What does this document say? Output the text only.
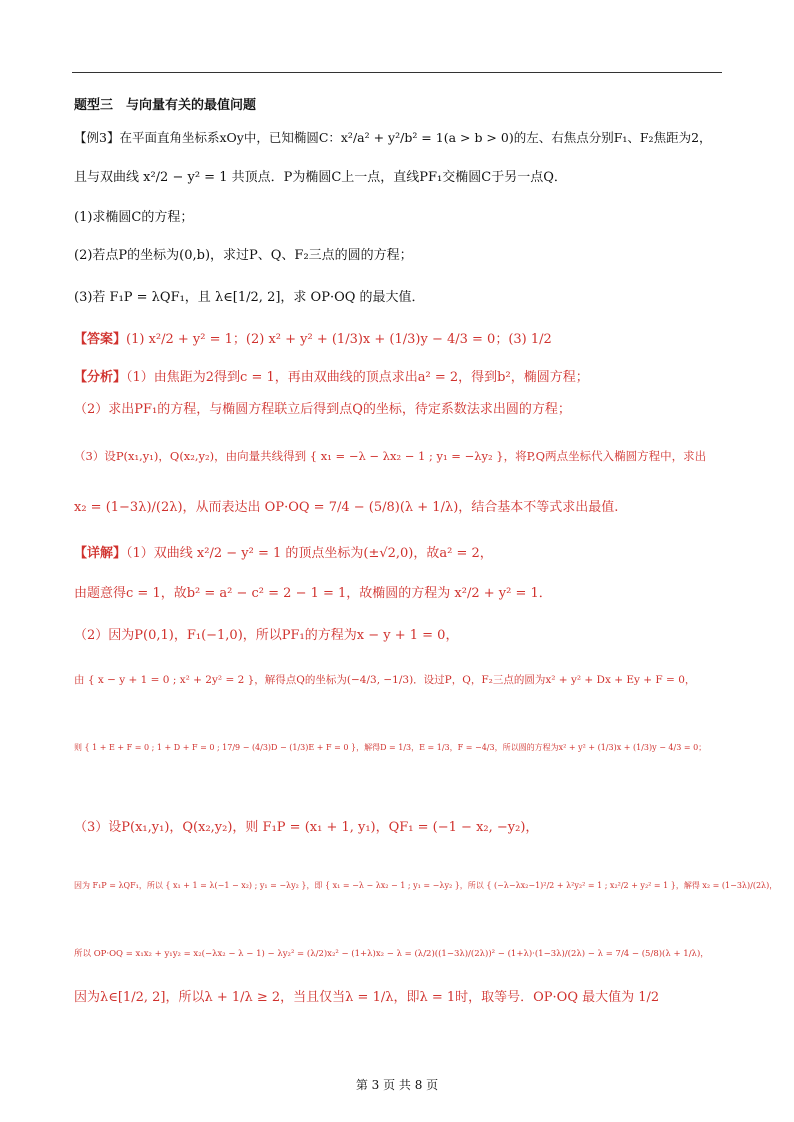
题型三　与向量有关的最值问题
【例3】在平面直角坐标系xOy中，已知椭圆C：x²/a² + y²/b² = 1(a > b > 0)的左、右焦点分别F₁、F₂焦距为2，
且与双曲线 x²/2 − y² = 1 共顶点．P为椭圆C上一点，直线PF₁交椭圆C于另一点Q．
(1)求椭圆C的方程；
(2)若点P的坐标为(0,b)，求过P、Q、F₂三点的圆的方程；
(3)若 F₁P = λQF₁，且 λ∈[1/2, 2]，求 OP·OQ 的最大值．
【答案】(1) x²/2 + y² = 1；(2) x² + y² + (1/3)x + (1/3)y − 4/3 = 0；(3) 1/2
【分析】（1）由焦距为2得到c = 1，再由双曲线的顶点求出a² = 2，得到b²，椭圆方程；
（2）求出PF₁的方程，与椭圆方程联立后得到点Q的坐标，待定系数法求出圆的方程；
（3）设P(x₁,y₁)，Q(x₂,y₂)，由向量共线得到 { x₁ = −λ − λx₂ − 1 ; y₁ = −λy₂ }，将P,Q两点坐标代入椭圆方程中，求出
x₂ = (1−3λ)/(2λ)，从而表达出 OP·OQ = 7/4 − (5/8)(λ + 1/λ)，结合基本不等式求出最值.
【详解】（1）双曲线 x²/2 − y² = 1 的顶点坐标为(±√2,0)，故a² = 2，
由题意得c = 1，故b² = a² − c² = 2 − 1 = 1，故椭圆的方程为 x²/2 + y² = 1．
（2）因为P(0,1)，F₁(−1,0)，所以PF₁的方程为x − y + 1 = 0，
由 { x − y + 1 = 0 ; x² + 2y² = 2 }，解得点Q的坐标为(−4/3, −1/3)．设过P，Q，F₂三点的圆为x² + y² + Dx + Ey + F = 0，
则 { 1 + E + F = 0 ; 1 + D + F = 0 ; 17/9 − (4/3)D − (1/3)E + F = 0 }，解得D = 1/3，E = 1/3，F = −4/3，所以圆的方程为x² + y² + (1/3)x + (1/3)y − 4/3 = 0；
（3）设P(x₁,y₁)，Q(x₂,y₂)，则 F₁P = (x₁ + 1, y₁)，QF₁ = (−1 − x₂, −y₂)，
因为 F₁P = λQF₁，所以 { x₁ + 1 = λ(−1 − x₂) ; y₁ = −λy₂ }，即 { x₁ = −λ − λx₂ − 1 ; y₁ = −λy₂ }，所以 { (−λ−λx₂−1)²/2 + λ²y₂² = 1 ; x₂²/2 + y₂² = 1 }，解得 x₂ = (1−3λ)/(2λ)，
所以 OP·OQ = x₁x₂ + y₁y₂ = x₂(−λx₂ − λ − 1) − λy₂² = (λ/2)x₂² − (1+λ)x₂ − λ = (λ/2)((1−3λ)/(2λ))² − (1+λ)·(1−3λ)/(2λ) − λ = 7/4 − (5/8)(λ + 1/λ)，
因为λ∈[1/2, 2]，所以λ + 1/λ ≥ 2，当且仅当λ = 1/λ，即λ = 1时，取等号．OP·OQ 最大值为 1/2
第 3 页 共 8 页
